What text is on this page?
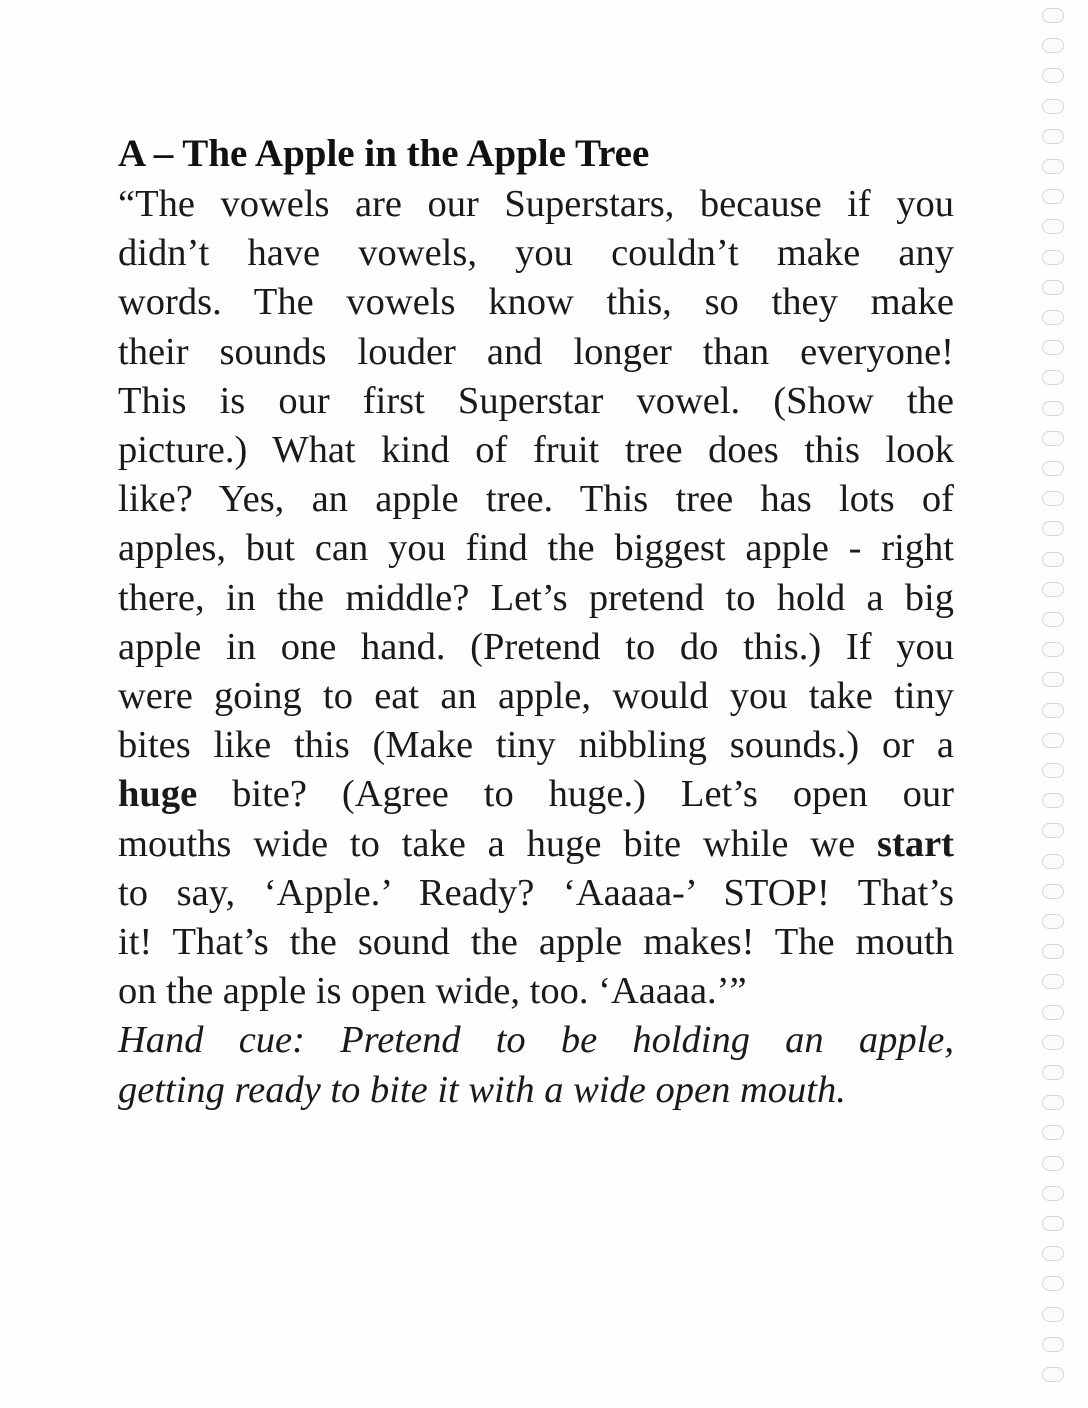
A – The Apple in the Apple Tree
“The vowels are our Superstars, because if you
didn’t have vowels, you couldn’t make any
words. The vowels know this, so they make
their sounds louder and longer than everyone!
This is our first Superstar vowel. (Show the
picture.) What kind of fruit tree does this look
like? Yes, an apple tree. This tree has lots of
apples, but can you find the biggest apple - right
there, in the middle? Let’s pretend to hold a big
apple in one hand. (Pretend to do this.) If you
were going to eat an apple, would you take tiny
bites like this (Make tiny nibbling sounds.) or a
huge bite? (Agree to huge.) Let’s open our
mouths wide to take a huge bite while we start
to say, ‘Apple.’ Ready? ‘Aaaaa-’ STOP! That’s
it! That’s the sound the apple makes! The mouth
on the apple is open wide, too. ‘Aaaaa.’”
Hand cue: Pretend to be holding an apple,
getting ready to bite it with a wide open mouth.
